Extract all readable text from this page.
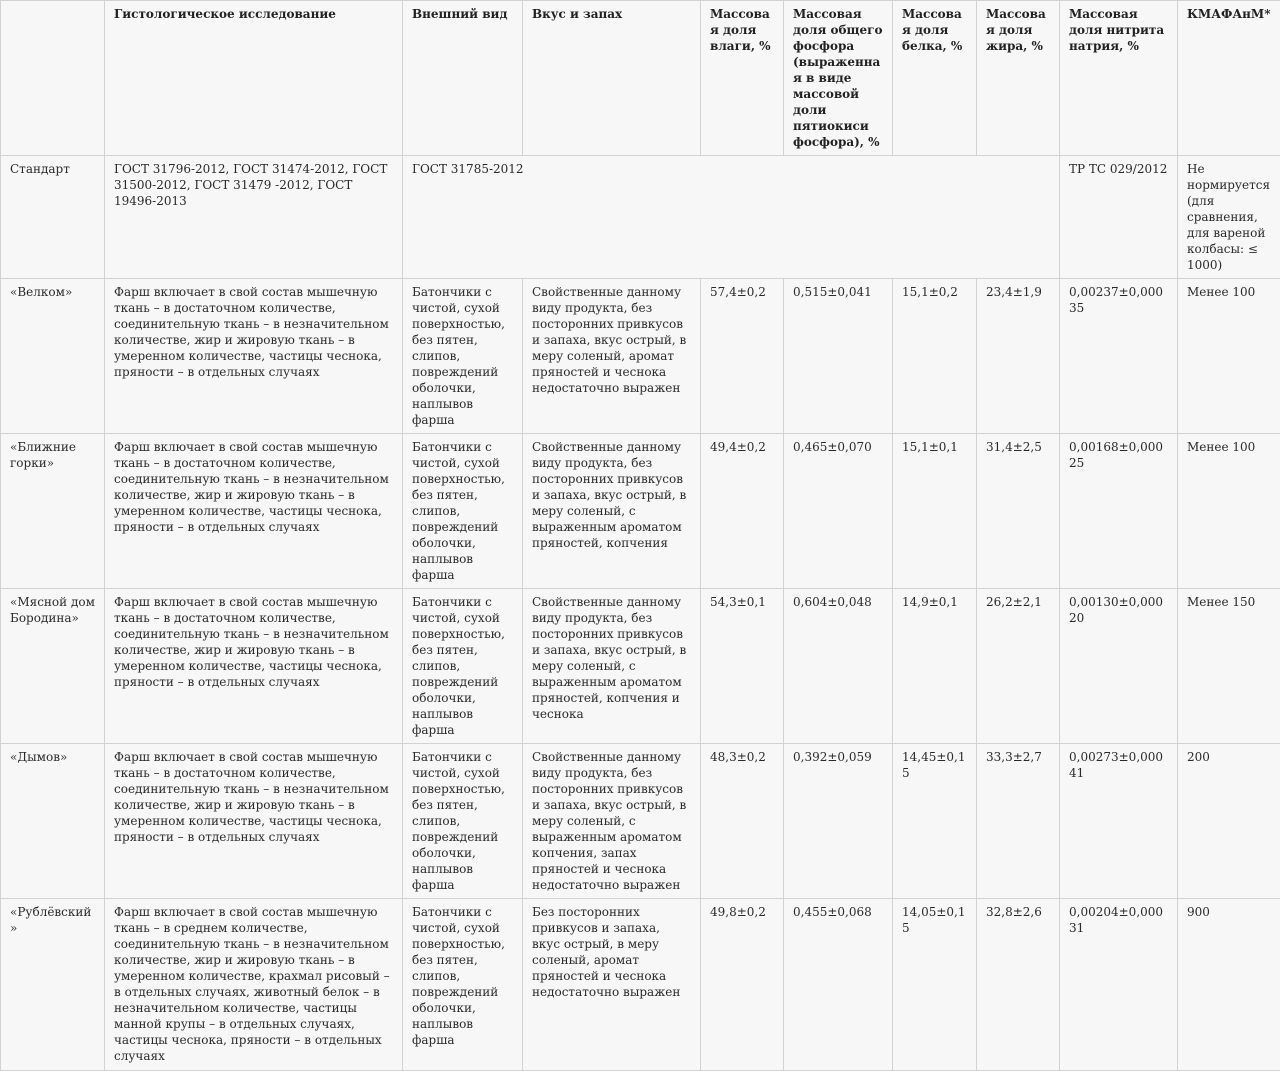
	Гистологическое исследование	Внешний вид	Вкус и запах	Массовая доля влаги, %	Массовая доля общего фосфора (выраженная в виде массовой доли пятиокиси фосфора), %	Массовая доля белка, %	Массовая доля жира, %	Массовая доля нитрита натрия, %	КМАФАнМ*
Стандарт	ГОСТ 31796-2012, ГОСТ 31474-2012, ГОСТ 31500-2012, ГОСТ 31479 -2012, ГОСТ 19496-2013	ГОСТ 31785-2012						ТР ТС 029/2012	Не нормируется (для сравнения, для вареной колбасы: ≤ 1000)
«Велком»	Фарш включает в свой состав мышечную ткань – в достаточном количестве, соединительную ткань – в незначительном количестве, жир и жировую ткань – в умеренном количестве, частицы чеснока, пряности – в отдельных случаях	Батончики с чистой, сухой поверхностью, без пятен, слипов, повреждений оболочки, наплывов фарша	Свойственные данному виду продукта, без посторонних привкусов и запаха, вкус острый, в меру соленый, аромат пряностей и чеснока недостаточно выражен	57,4±0,2	0,515±0,041	15,1±0,2	23,4±1,9	0,00237±0,00035	Менее 100
«Ближние горки»	Фарш включает в свой состав мышечную ткань – в достаточном количестве, соединительную ткань – в незначительном количестве, жир и жировую ткань – в умеренном количестве, частицы чеснока, пряности – в отдельных случаях	Батончики с чистой, сухой поверхностью, без пятен, слипов, повреждений оболочки, наплывов фарша	Свойственные данному виду продукта, без посторонних привкусов и запаха, вкус острый, в меру соленый, с выраженным ароматом пряностей, копчения	49,4±0,2	0,465±0,070	15,1±0,1	31,4±2,5	0,00168±0,00025	Менее 100
«Мясной дом Бородина»	Фарш включает в свой состав мышечную ткань – в достаточном количестве, соединительную ткань – в незначительном количестве, жир и жировую ткань – в умеренном количестве, частицы чеснока, пряности – в отдельных случаях	Батончики с чистой, сухой поверхностью, без пятен, слипов, повреждений оболочки, наплывов фарша	Свойственные данному виду продукта, без посторонних привкусов и запаха, вкус острый, в меру соленый, с выраженным ароматом пряностей, копчения и чеснока	54,3±0,1	0,604±0,048	14,9±0,1	26,2±2,1	0,00130±0,00020	Менее 150
«Дымов»	Фарш включает в свой состав мышечную ткань – в достаточном количестве, соединительную ткань – в незначительном количестве, жир и жировую ткань – в умеренном количестве, частицы чеснока, пряности – в отдельных случаях	Батончики с чистой, сухой поверхностью, без пятен, слипов, повреждений оболочки, наплывов фарша	Свойственные данному виду продукта, без посторонних привкусов и запаха, вкус острый, в меру соленый, с выраженным ароматом копчения, запах пряностей и чеснока недостаточно выражен	48,3±0,2	0,392±0,059	14,45±0,15	33,3±2,7	0,00273±0,00041	200
«Рублёвский»	Фарш включает в свой состав мышечную ткань – в среднем количестве, соединительную ткань – в незначительном количестве, жир и жировую ткань – в умеренном количестве, крахмал рисовый – в отдельных случаях, животный белок – в незначительном количестве, частицы манной крупы – в отдельных случаях, частицы чеснока, пряности – в отдельных случаях	Батончики с чистой, сухой поверхностью, без пятен, слипов, повреждений оболочки, наплывов фарша	Без посторонних привкусов и запаха, вкус острый, в меру соленый, аромат пряностей и чеснока недостаточно выражен	49,8±0,2	0,455±0,068	14,05±0,15	32,8±2,6	0,00204±0,00031	900
